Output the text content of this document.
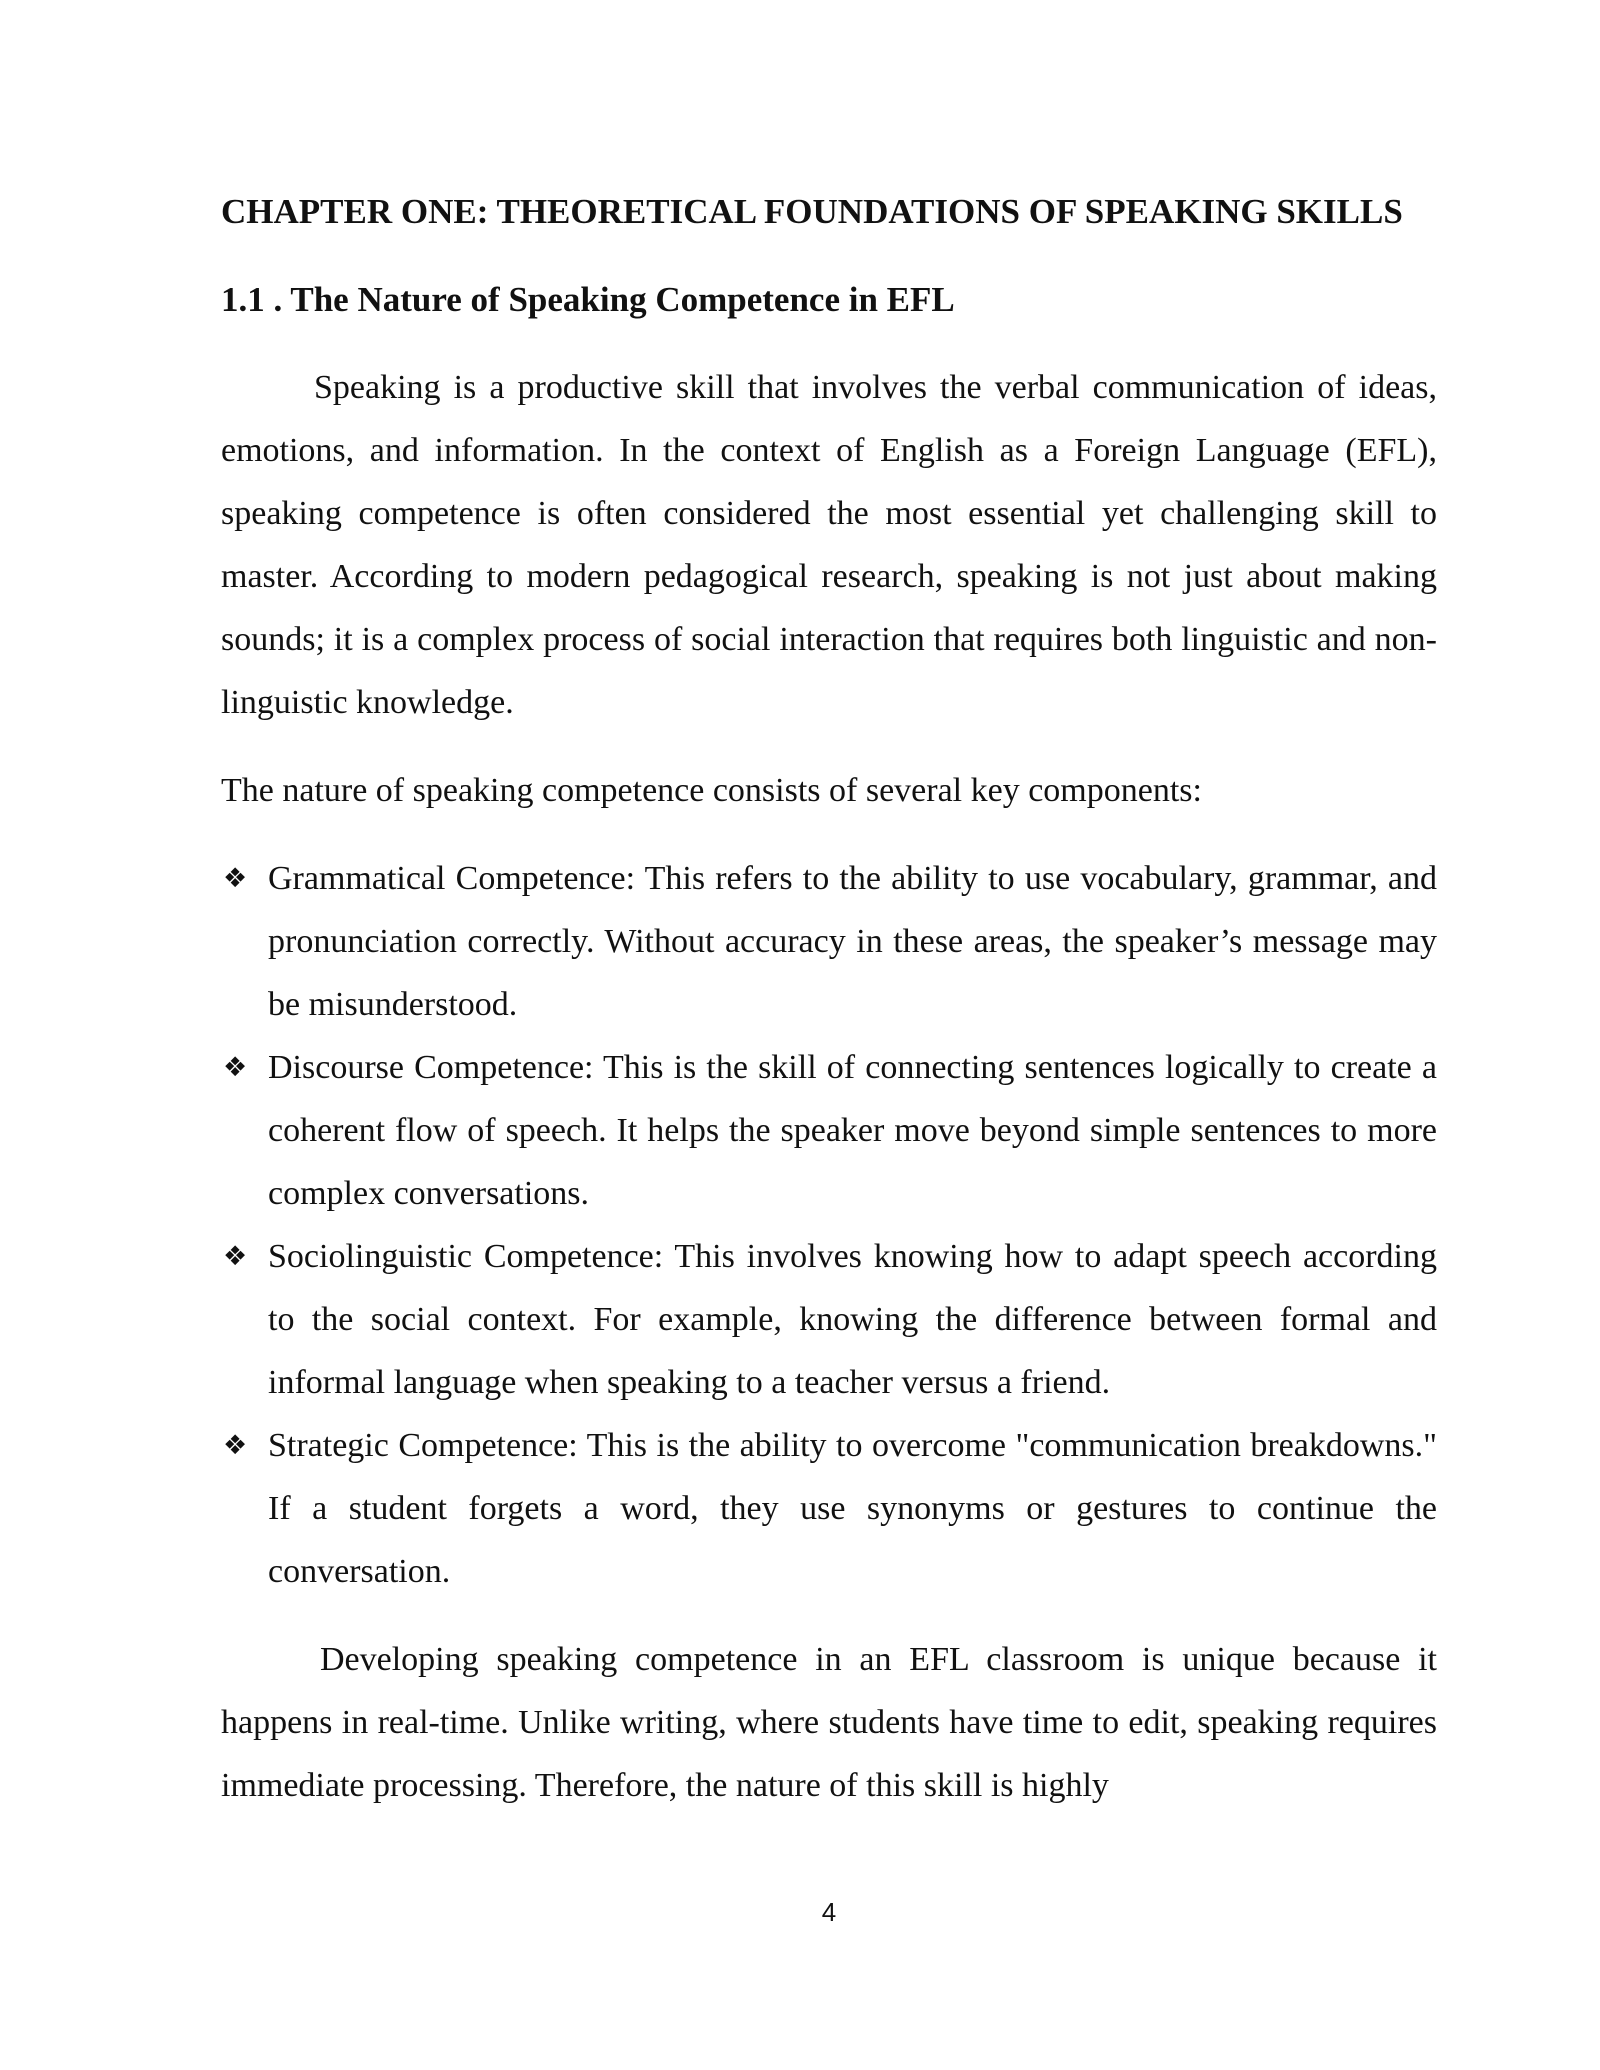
CHAPTER ONE: THEORETICAL FOUNDATIONS OF SPEAKING SKILLS
1.1 . The Nature of Speaking Competence in EFL

Speaking is a productive skill that involves the verbal communication of ideas, emotions, and information. In the context of English as a Foreign Language (EFL), speaking competence is often considered the most essential yet challenging skill to master. According to modern pedagogical research, speaking is not just about making sounds; it is a complex process of social interaction that requires both linguistic and non-linguistic knowledge.

The nature of speaking competence consists of several key components:

❖ Grammatical Competence: This refers to the ability to use vocabulary, grammar, and pronunciation correctly. Without accuracy in these areas, the speaker’s message may be misunderstood.
❖ Discourse Competence: This is the skill of connecting sentences logically to create a coherent flow of speech. It helps the speaker move beyond simple sentences to more complex conversations.
❖ Sociolinguistic Competence: This involves knowing how to adapt speech according to the social context. For example, knowing the difference between formal and informal language when speaking to a teacher versus a friend.
❖ Strategic Competence: This is the ability to overcome "communication breakdowns." If a student forgets a word, they use synonyms or gestures to continue the conversation.

Developing speaking competence in an EFL classroom is unique because it happens in real-time. Unlike writing, where students have time to edit, speaking requires immediate processing. Therefore, the nature of this skill is highly

4
